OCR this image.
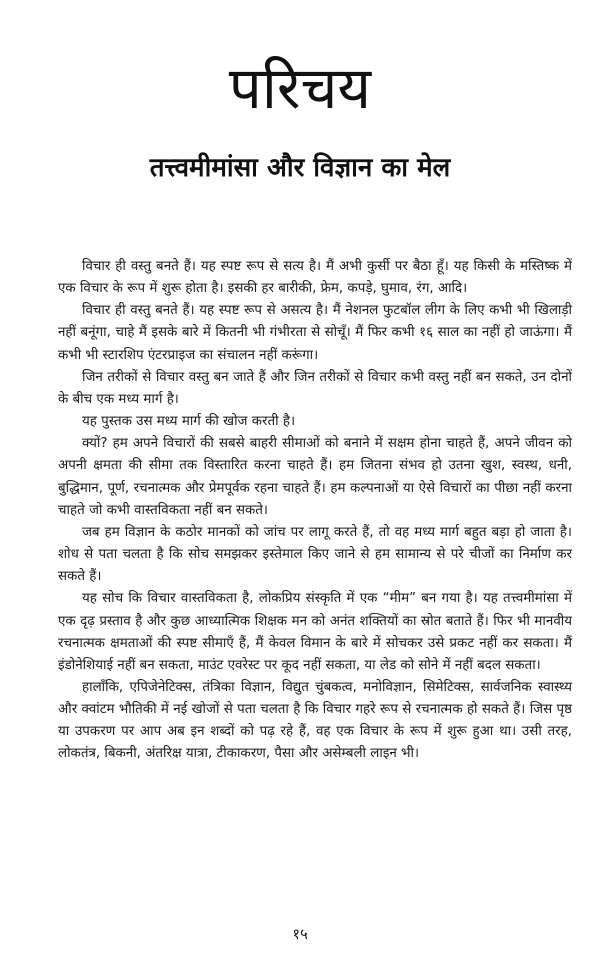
परिचय
तत्त्वमीमांसा और विज्ञान का मेल

विचार ही वस्तु बनते हैं। यह स्पष्ट रूप से सत्य है। मैं अभी कुर्सी पर बैठा हूँ। यह किसी के मस्तिष्क में एक विचार के रूप में शुरू होता है। इसकी हर बारीकी, फ्रेम, कपड़े, घुमाव, रंग, आदि।

विचार ही वस्तु बनते हैं। यह स्पष्ट रूप से असत्य है। मैं नेशनल फुटबॉल लीग के लिए कभी भी खिलाड़ी नहीं बनूंगा, चाहे मैं इसके बारे में कितनी भी गंभीरता से सोचूँ। मैं फिर कभी १६ साल का नहीं हो जाऊंगा। मैं कभी भी स्टारशिप एंटरप्राइज का संचालन नहीं करूंगा।

जिन तरीकों से विचार वस्तु बन जाते हैं और जिन तरीकों से विचार कभी वस्तु नहीं बन सकते, उन दोनों के बीच एक मध्य मार्ग है।

यह पुस्तक उस मध्य मार्ग की खोज करती है।

क्यों? हम अपने विचारों की सबसे बाहरी सीमाओं को बनाने में सक्षम होना चाहते हैं, अपने जीवन को अपनी क्षमता की सीमा तक विस्तारित करना चाहते हैं। हम जितना संभव हो उतना खुश, स्वस्थ, धनी, बुद्धिमान, पूर्ण, रचनात्मक और प्रेमपूर्वक रहना चाहते हैं। हम कल्पनाओं या ऐसे विचारों का पीछा नहीं करना चाहते जो कभी वास्तविकता नहीं बन सकते।

जब हम विज्ञान के कठोर मानकों को जांच पर लागू करते हैं, तो वह मध्य मार्ग बहुत बड़ा हो जाता है। शोध से पता चलता है कि सोच समझकर इस्तेमाल किए जाने से हम सामान्य से परे चीजों का निर्माण कर सकते हैं।

यह सोच कि विचार वास्तविकता है, लोकप्रिय संस्कृति में एक “मीम” बन गया है। यह तत्त्वमीमांसा में एक दृढ़ प्रस्ताव है और कुछ आध्यात्मिक शिक्षक मन को अनंत शक्तियों का स्रोत बताते हैं। फिर भी मानवीय रचनात्मक क्षमताओं की स्पष्ट सीमाएँ हैं, मैं केवल विमान के बारे में सोचकर उसे प्रकट नहीं कर सकता। मैं इंडोनेशियाई नहीं बन सकता, माउंट एवरेस्ट पर कूद नहीं सकता, या लेड को सोने में नहीं बदल सकता।

हालाँकि, एपिजेनेटिक्स, तंत्रिका विज्ञान, विद्युत चुंबकत्व, मनोविज्ञान, सिमेटिक्स, सार्वजनिक स्वास्थ्य और क्वांटम भौतिकी में नई खोजों से पता चलता है कि विचार गहरे रूप से रचनात्मक हो सकते हैं। जिस पृष्ठ या उपकरण पर आप अब इन शब्दों को पढ़ रहे हैं, वह एक विचार के रूप में शुरू हुआ था। उसी तरह, लोकतंत्र, बिकनी, अंतरिक्ष यात्रा, टीकाकरण, पैसा और असेम्बली लाइन भी।

१५
